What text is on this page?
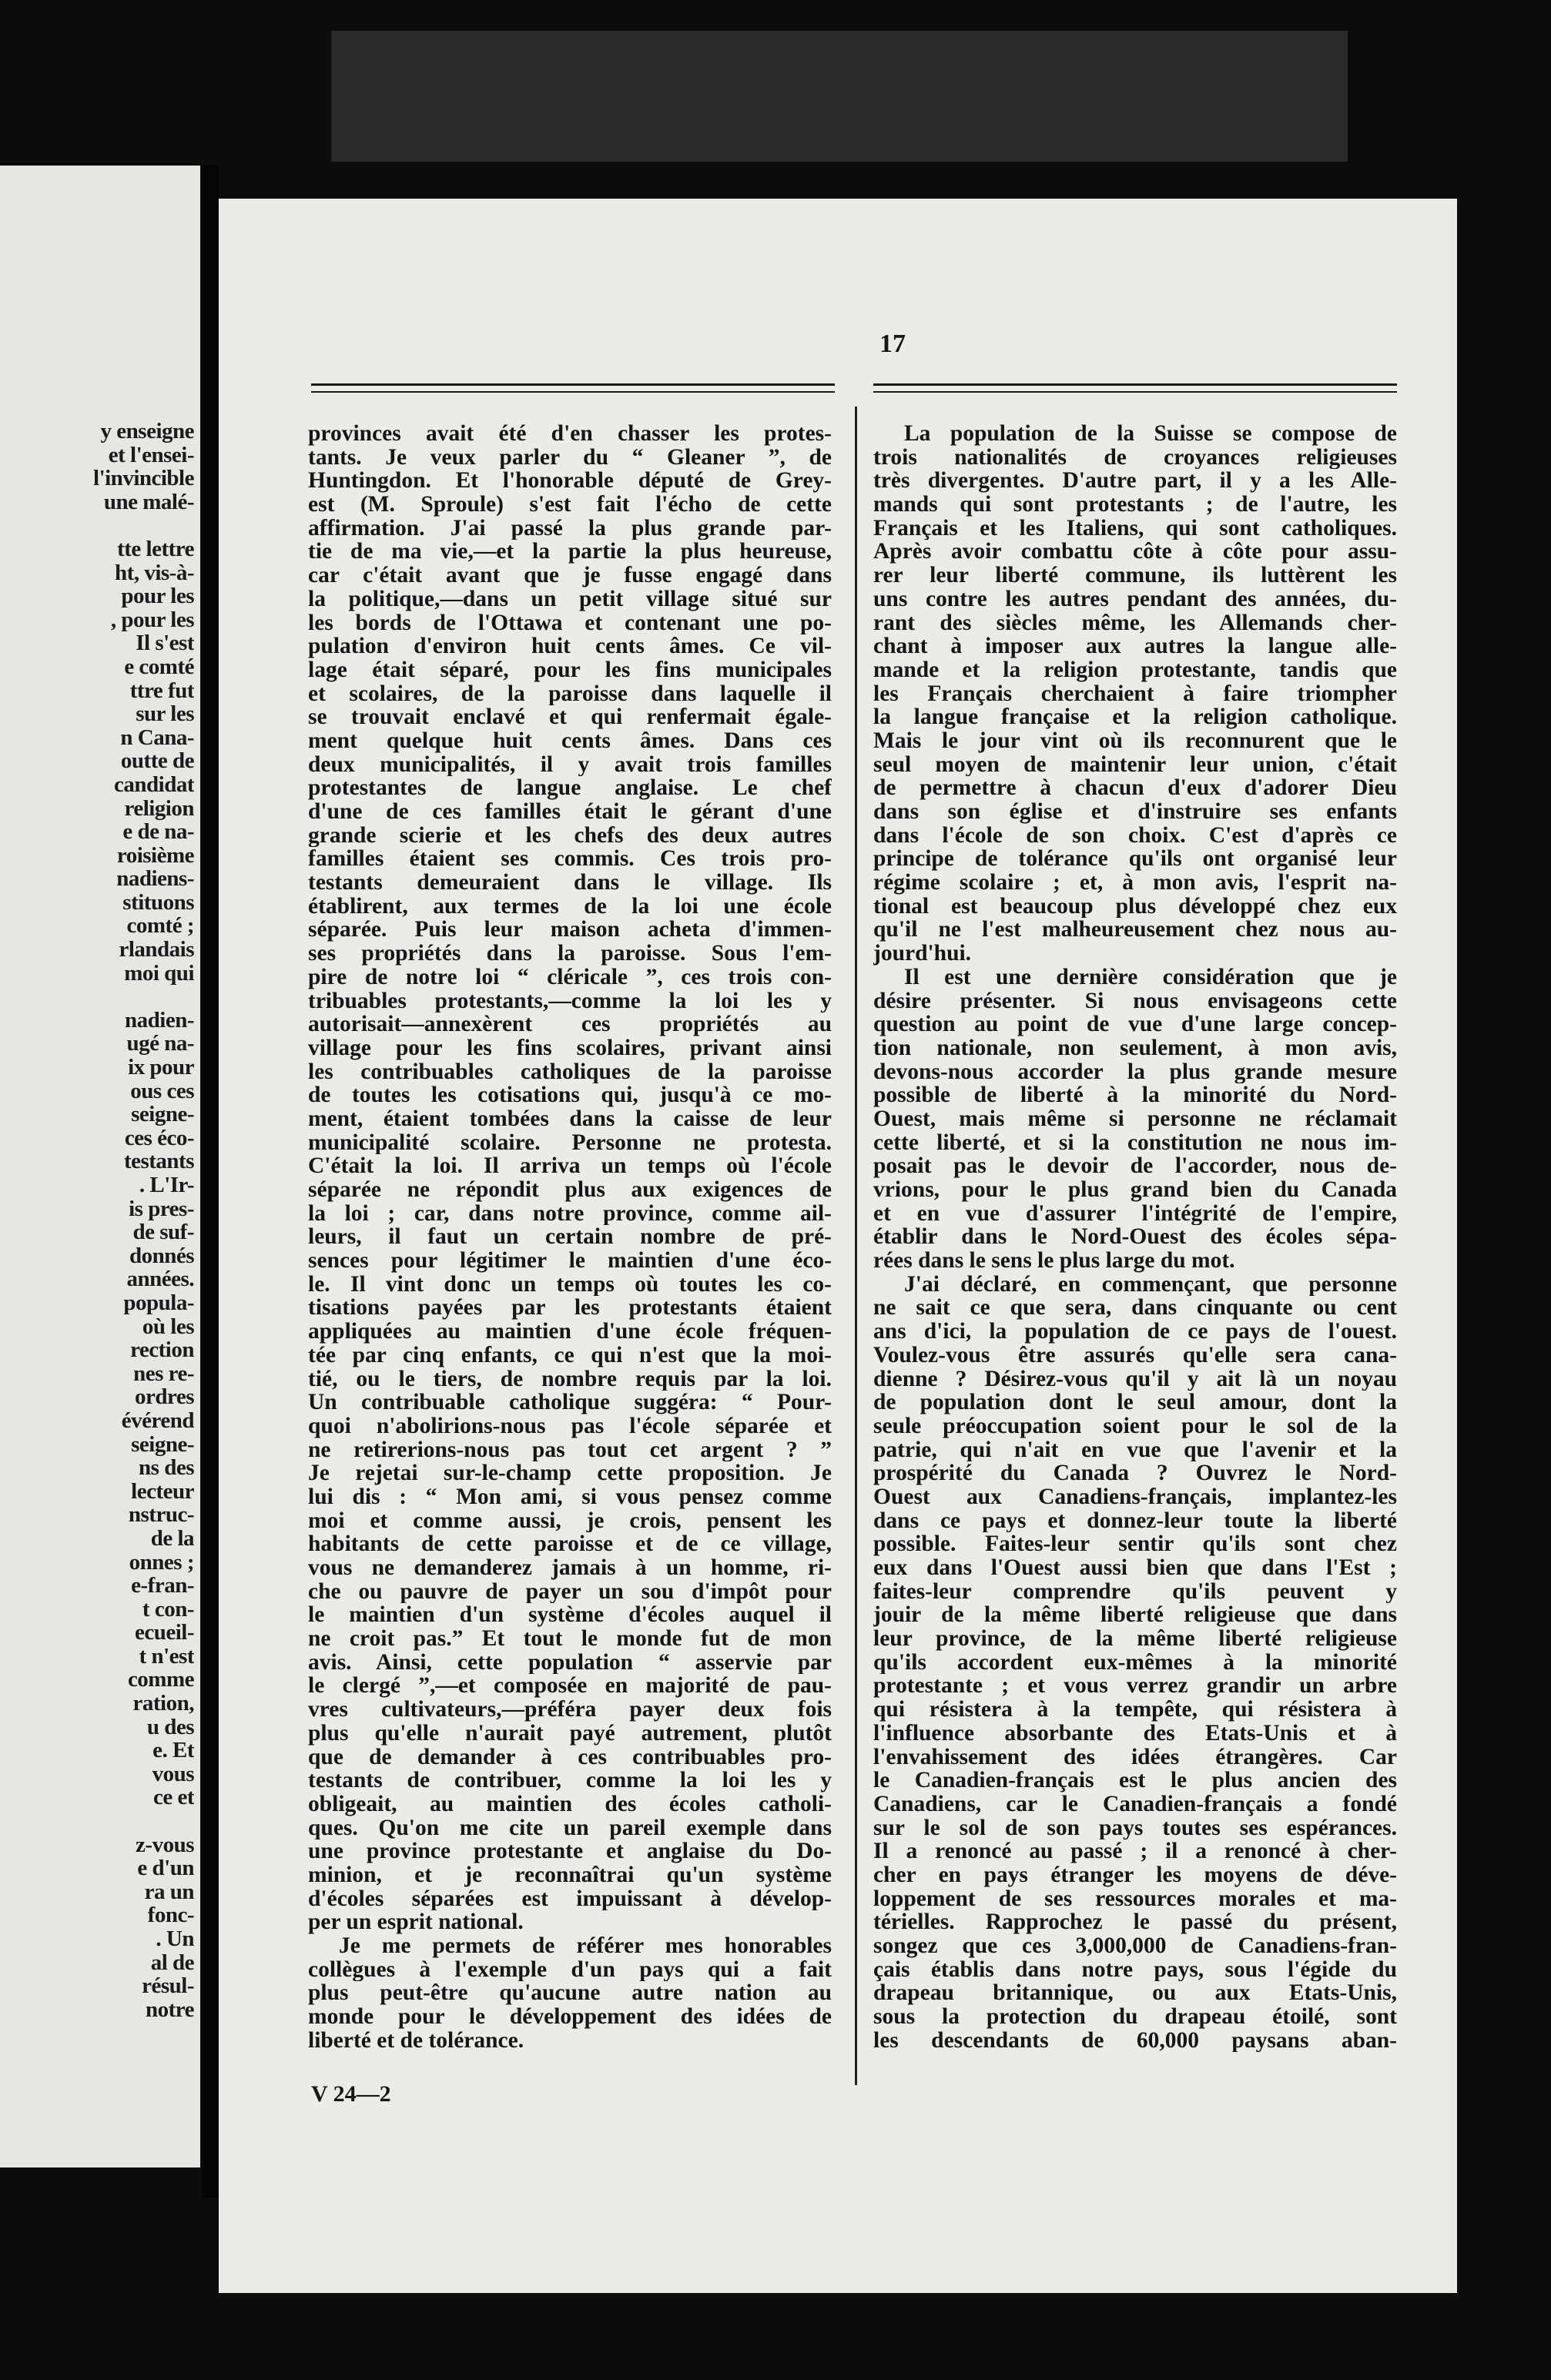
y enseigne
et l'ensei-
l'invincible
une malé-
tte lettre
ht, vis-à-
pour les
, pour les
Il s'est
e comté
ttre fut
sur les
n Cana-
outte de
candidat
religion
e de na-
roisième
nadiens-
stituons
comté ;
rlandais
moi qui
nadien-
ugé na-
ix pour
ous ces
seigne-
ces éco-
testants
. L'Ir-
is pres-
de suf-
donnés
années.
popula-
où les
rection
nes re-
ordres
évérend
seigne-
ns des
lecteur
nstruc-
de la
onnes ;
e-fran-
t con-
ecueil-
t n'est
comme
ration,
u des
e. Et
vous
ce et
z-vous
e d'un
ra un
fonc-
. Un
al de
résul-
notre
17
provinces avait été d'en chasser les protes-
tants. Je veux parler du “ Gleaner ”, de
Huntingdon. Et l'honorable député de Grey-
est (M. Sproule) s'est fait l'écho de cette
affirmation. J'ai passé la plus grande par-
tie de ma vie,—et la partie la plus heureuse,
car c'était avant que je fusse engagé dans
la politique,—dans un petit village situé sur
les bords de l'Ottawa et contenant une po-
pulation d'environ huit cents âmes. Ce vil-
lage était séparé, pour les fins municipales
et scolaires, de la paroisse dans laquelle il
se trouvait enclavé et qui renfermait égale-
ment quelque huit cents âmes. Dans ces
deux municipalités, il y avait trois familles
protestantes de langue anglaise. Le chef
d'une de ces familles était le gérant d'une
grande scierie et les chefs des deux autres
familles étaient ses commis. Ces trois pro-
testants demeuraient dans le village. Ils
établirent, aux termes de la loi une école
séparée. Puis leur maison acheta d'immen-
ses propriétés dans la paroisse. Sous l'em-
pire de notre loi “ cléricale ”, ces trois con-
tribuables protestants,—comme la loi les y
autorisait—annexèrent ces propriétés au
village pour les fins scolaires, privant ainsi
les contribuables catholiques de la paroisse
de toutes les cotisations qui, jusqu'à ce mo-
ment, étaient tombées dans la caisse de leur
municipalité scolaire. Personne ne protesta.
C'était la loi. Il arriva un temps où l'école
séparée ne répondit plus aux exigences de
la loi ; car, dans notre province, comme ail-
leurs, il faut un certain nombre de pré-
sences pour légitimer le maintien d'une éco-
le. Il vint donc un temps où toutes les co-
tisations payées par les protestants étaient
appliquées au maintien d'une école fréquen-
tée par cinq enfants, ce qui n'est que la moi-
tié, ou le tiers, de nombre requis par la loi.
Un contribuable catholique suggéra: “ Pour-
quoi n'abolirions-nous pas l'école séparée et
ne retirerions-nous pas tout cet argent ? ”
Je rejetai sur-le-champ cette proposition. Je
lui dis : “ Mon ami, si vous pensez comme
moi et comme aussi, je crois, pensent les
habitants de cette paroisse et de ce village,
vous ne demanderez jamais à un homme, ri-
che ou pauvre de payer un sou d'impôt pour
le maintien d'un système d'écoles auquel il
ne croit pas.” Et tout le monde fut de mon
avis. Ainsi, cette population “ asservie par
le clergé ”,—et composée en majorité de pau-
vres cultivateurs,—préféra payer deux fois
plus qu'elle n'aurait payé autrement, plutôt
que de demander à ces contribuables pro-
testants de contribuer, comme la loi les y
obligeait, au maintien des écoles catholi-
ques. Qu'on me cite un pareil exemple dans
une province protestante et anglaise du Do-
minion, et je reconnaîtrai qu'un système
d'écoles séparées est impuissant à dévelop-
per un esprit national.
Je me permets de référer mes honorables
collègues à l'exemple d'un pays qui a fait
plus peut-être qu'aucune autre nation au
monde pour le développement des idées de
liberté et de tolérance.
La population de la Suisse se compose de
trois nationalités de croyances religieuses
très divergentes. D'autre part, il y a les Alle-
mands qui sont protestants ; de l'autre, les
Français et les Italiens, qui sont catholiques.
Après avoir combattu côte à côte pour assu-
rer leur liberté commune, ils luttèrent les
uns contre les autres pendant des années, du-
rant des siècles même, les Allemands cher-
chant à imposer aux autres la langue alle-
mande et la religion protestante, tandis que
les Français cherchaient à faire triompher
la langue française et la religion catholique.
Mais le jour vint où ils reconnurent que le
seul moyen de maintenir leur union, c'était
de permettre à chacun d'eux d'adorer Dieu
dans son église et d'instruire ses enfants
dans l'école de son choix. C'est d'après ce
principe de tolérance qu'ils ont organisé leur
régime scolaire ; et, à mon avis, l'esprit na-
tional est beaucoup plus développé chez eux
qu'il ne l'est malheureusement chez nous au-
jourd'hui.
Il est une dernière considération que je
désire présenter. Si nous envisageons cette
question au point de vue d'une large concep-
tion nationale, non seulement, à mon avis,
devons-nous accorder la plus grande mesure
possible de liberté à la minorité du Nord-
Ouest, mais même si personne ne réclamait
cette liberté, et si la constitution ne nous im-
posait pas le devoir de l'accorder, nous de-
vrions, pour le plus grand bien du Canada
et en vue d'assurer l'intégrité de l'empire,
établir dans le Nord-Ouest des écoles sépa-
rées dans le sens le plus large du mot.
J'ai déclaré, en commençant, que personne
ne sait ce que sera, dans cinquante ou cent
ans d'ici, la population de ce pays de l'ouest.
Voulez-vous être assurés qu'elle sera cana-
dienne ? Désirez-vous qu'il y ait là un noyau
de population dont le seul amour, dont la
seule préoccupation soient pour le sol de la
patrie, qui n'ait en vue que l'avenir et la
prospérité du Canada ? Ouvrez le Nord-
Ouest aux Canadiens-français, implantez-les
dans ce pays et donnez-leur toute la liberté
possible. Faites-leur sentir qu'ils sont chez
eux dans l'Ouest aussi bien que dans l'Est ;
faites-leur comprendre qu'ils peuvent y
jouir de la même liberté religieuse que dans
leur province, de la même liberté religieuse
qu'ils accordent eux-mêmes à la minorité
protestante ; et vous verrez grandir un arbre
qui résistera à la tempête, qui résistera à
l'influence absorbante des Etats-Unis et à
l'envahissement des idées étrangères. Car
le Canadien-français est le plus ancien des
Canadiens, car le Canadien-français a fondé
sur le sol de son pays toutes ses espérances.
Il a renoncé au passé ; il a renoncé à cher-
cher en pays étranger les moyens de déve-
loppement de ses ressources morales et ma-
térielles. Rapprochez le passé du présent,
songez que ces 3,000,000 de Canadiens-fran-
çais établis dans notre pays, sous l'égide du
drapeau britannique, ou aux Etats-Unis,
sous la protection du drapeau étoilé, sont
les descendants de 60,000 paysans aban-
V 24—2
